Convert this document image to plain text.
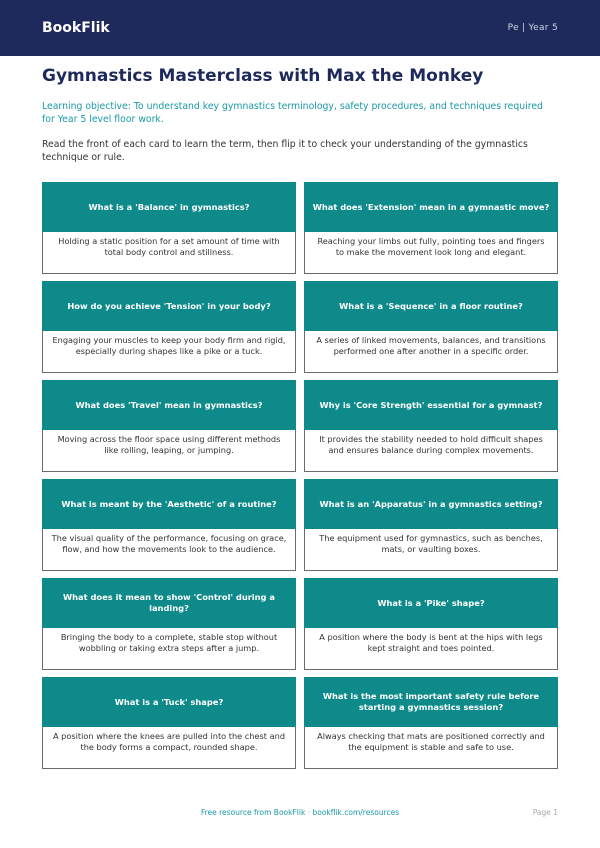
BookFlik	Pe | Year 5
Gymnastics Masterclass with Max the Monkey

Learning objective: To understand key gymnastics terminology, safety procedures, and techniques required for Year 5 level floor work.

Read the front of each card to learn the term, then flip it to check your understanding of the gymnastics technique or rule.

What is a 'Balance' in gymnastics?
Holding a static position for a set amount of time with total body control and stillness.
What does 'Extension' mean in a gymnastic move?
Reaching your limbs out fully, pointing toes and fingers to make the movement look long and elegant.
How do you achieve 'Tension' in your body?
Engaging your muscles to keep your body firm and rigid, especially during shapes like a pike or a tuck.
What is a 'Sequence' in a floor routine?
A series of linked movements, balances, and transitions performed one after another in a specific order.
What does 'Travel' mean in gymnastics?
Moving across the floor space using different methods like rolling, leaping, or jumping.
Why is 'Core Strength' essential for a gymnast?
It provides the stability needed to hold difficult shapes and ensures balance during complex movements.
What is meant by the 'Aesthetic' of a routine?
The visual quality of the performance, focusing on grace, flow, and how the movements look to the audience.
What is an 'Apparatus' in a gymnastics setting?
The equipment used for gymnastics, such as benches, mats, or vaulting boxes.
What does it mean to show 'Control' during a landing?
Bringing the body to a complete, stable stop without wobbling or taking extra steps after a jump.
What is a 'Pike' shape?
A position where the body is bent at the hips with legs kept straight and toes pointed.
What is a 'Tuck' shape?
A position where the knees are pulled into the chest and the body forms a compact, rounded shape.
What is the most important safety rule before starting a gymnastics session?
Always checking that mats are positioned correctly and the equipment is stable and safe to use.
Free resource from BookFlik · bookflik.com/resources	Page 1
